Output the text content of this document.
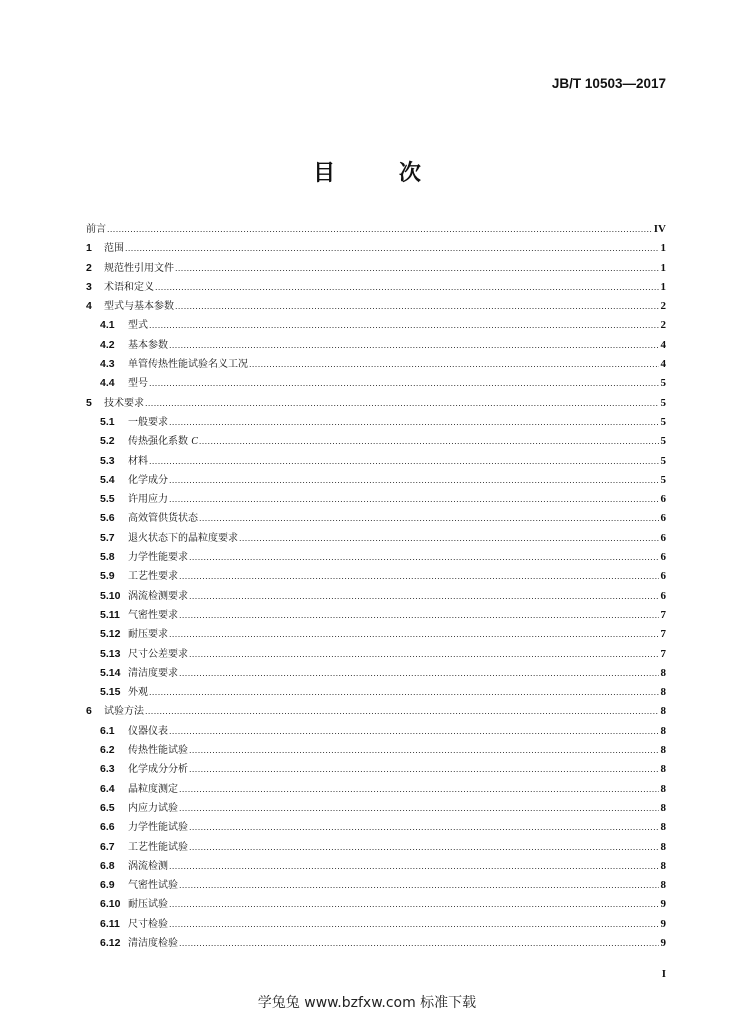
JB/T 10503—2017
目 次
前言 .....	IV
1	范围 .....	1
2	规范性引用文件 .....	1
3	术语和定义 .....	1
4	型式与基本参数 .....	2
4.1	型式 .....	2
4.2	基本参数 .....	4
4.3	单管传热性能试验名义工况 .....	4
4.4	型号 .....	5
5	技术要求 .....	5
5.1	一般要求 .....	5
5.2	传热强化系数 C .....	5
5.3	材料 .....	5
5.4	化学成分 .....	5
5.5	许用应力 .....	6
5.6	高效管供货状态 .....	6
5.7	退火状态下的晶粒度要求 .....	6
5.8	力学性能要求 .....	6
5.9	工艺性要求 .....	6
5.10 涡流检测要求 .....	6
5.11 气密性要求 .....	7
5.12 耐压要求 .....	7
5.13 尺寸公差要求 .....	7
5.14 清洁度要求 .....	8
5.15 外观 .....	8
6	试验方法 .....	8
6.1	仪器仪表 .....	8
6.2	传热性能试验 .....	8
6.3	化学成分分析 .....	8
6.4	晶粒度测定 .....	8
6.5	内应力试验 .....	8
6.6	力学性能试验 .....	8
6.7	工艺性能试验 .....	8
6.8	涡流检测 .....	8
6.9	气密性试验 .....	8
6.10 耐压试验 .....	9
6.11 尺寸检验 .....	9
6.12 清洁度检验 .....	9
I
学兔兔 www.bzfxw.com 标准下载
